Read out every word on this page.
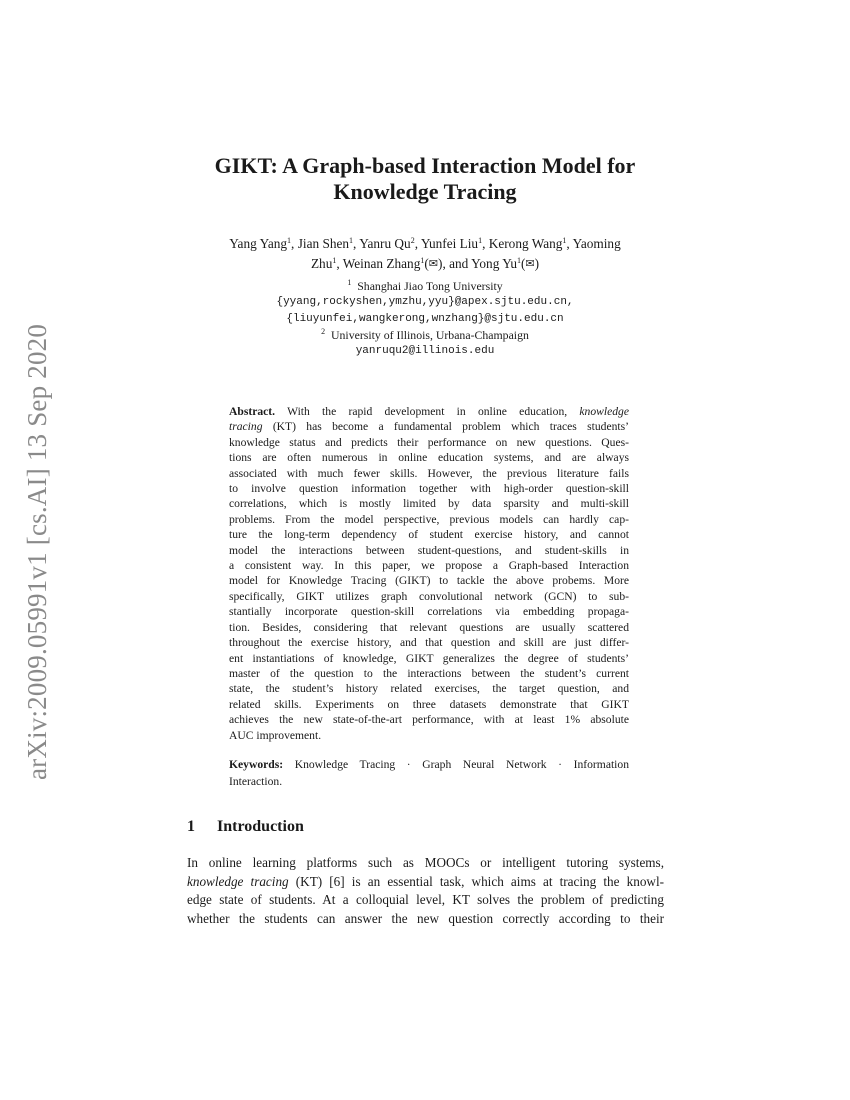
arXiv:2009.05991v1 [cs.AI] 13 Sep 2020
GIKT: A Graph-based Interaction Model for
Knowledge Tracing
Yang Yang$^1$, Jian Shen$^1$, Yanru Qu$^2$, Yunfei Liu$^1$, Kerong Wang$^1$, Yaoming
Zhu$^1$, Weinan Zhang$^1$(✉), and Yong Yu$^1$(✉)
$^1$ Shanghai Jiao Tong University
{yyang,rockyshen,ymzhu,yyu}@apex.sjtu.edu.cn,
{liuyunfei,wangkerong,wnzhang}@sjtu.edu.cn
$^2$ University of Illinois, Urbana-Champaign
yanruqu2@illinois.edu
Abstract. With the rapid development in online education, knowledge
tracing (KT) has become a fundamental problem which traces students’
knowledge status and predicts their performance on new questions. Ques-
tions are often numerous in online education systems, and are always
associated with much fewer skills. However, the previous literature fails
to involve question information together with high-order question-skill
correlations, which is mostly limited by data sparsity and multi-skill
problems. From the model perspective, previous models can hardly cap-
ture the long-term dependency of student exercise history, and cannot
model the interactions between student-questions, and student-skills in
a consistent way. In this paper, we propose a Graph-based Interaction
model for Knowledge Tracing (GIKT) to tackle the above probems. More
specifically, GIKT utilizes graph convolutional network (GCN) to sub-
stantially incorporate question-skill correlations via embedding propaga-
tion. Besides, considering that relevant questions are usually scattered
throughout the exercise history, and that question and skill are just differ-
ent instantiations of knowledge, GIKT generalizes the degree of students’
master of the question to the interactions between the student’s current
state, the student’s history related exercises, the target question, and
related skills. Experiments on three datasets demonstrate that GIKT
achieves the new state-of-the-art performance, with at least 1% absolute
AUC improvement.
Keywords: Knowledge Tracing · Graph Neural Network · Information
Interaction.
1 Introduction
In online learning platforms such as MOOCs or intelligent tutoring systems,
knowledge tracing (KT) [6] is an essential task, which aims at tracing the knowl-
edge state of students. At a colloquial level, KT solves the problem of predicting
whether the students can answer the new question correctly according to their
